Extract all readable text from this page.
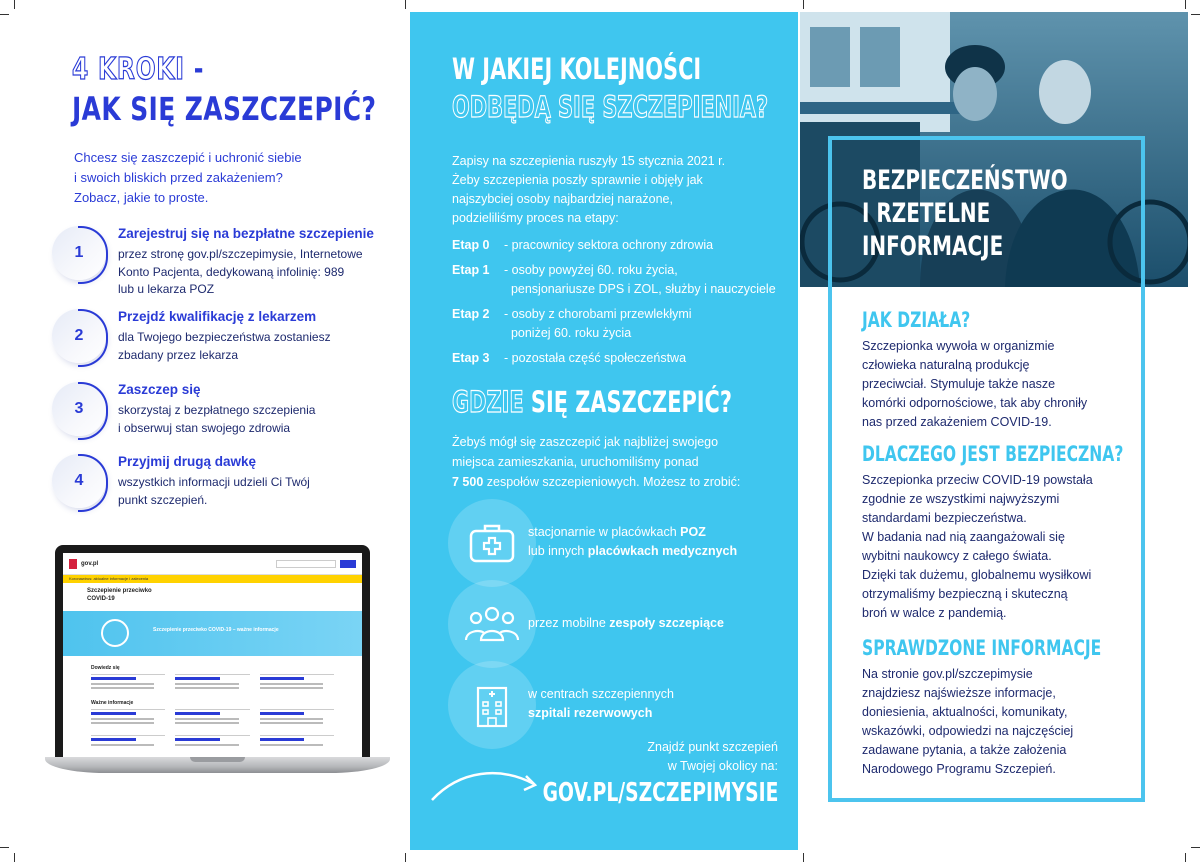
4 KROKI -
JAK SIĘ ZASZCZEPIĆ?
Chcesz się zaszczepić i uchronić siebie
i swoich bliskich przed zakażeniem?
Zobacz, jakie to proste.
1
Zarejestruj się na bezpłatne szczepienie
przez stronę gov.pl/szczepimysie, Internetowe
Konto Pacjenta, dedykowaną infolinię: 989
lub u lekarza POZ
2
Przejdź kwalifikację z lekarzem
dla Twojego bezpieczeństwa zostaniesz
zbadany przez lekarza
3
Zaszczep się
skorzystaj z bezpłatnego szczepienia
i obserwuj stan swojego zdrowia
4
Przyjmij drugą dawkę
wszystkich informacji udzieli Ci Twój
punkt szczepień.
gov.pl
Koronawirus: aktualne informacje i zalecenia
Szczepienie przeciwko
COVID-19
Szczepienie przeciwko COVID-19 – ważne informacje
Dowiedz się
Ważne informacje
W JAKIEJ KOLEJNOŚCI
ODBĘDĄ SIĘ SZCZEPIENIA?
Zapisy na szczepienia ruszyły 15 stycznia 2021 r.
Żeby szczepienia poszły sprawnie i objęły jak
najszybciej osoby najbardziej narażone,
podzieliliśmy proces na etapy:
Etap 0	- pracownicy sektora ochrony zdrowia
Etap 1	- osoby powyżej 60. roku życia,
pensjonariusze DPS i ZOL, służby i nauczyciele
Etap 2	- osoby z chorobami przewlekłymi
poniżej 60. roku życia
Etap 3	- pozostała część społeczeństwa
GDZIE SIĘ ZASZCZEPIĆ?
Żebyś mógł się zaszczepić jak najbliżej swojego
miejsca zamieszkania, uruchomiliśmy ponad
7 500 zespołów szczepieniowych. Możesz to zrobić:
stacjonarnie w placówkach POZ
lub innych placówkach medycznych
przez mobilne zespoły szczepiące
w centrach szczepiennych
szpitali rezerwowych
Znajdź punkt szczepień
w Twojej okolicy na:
GOV.PL/SZCZEPIMYSIE
BEZPIECZEŃSTWO
I RZETELNE
INFORMACJE
JAK DZIAŁA?
Szczepionka wywoła w organizmie
człowieka naturalną produkcję
przeciwciał. Stymuluje także nasze
komórki odpornościowe, tak aby chroniły
nas przed zakażeniem COVID-19.
DLACZEGO JEST BEZPIECZNA?
Szczepionka przeciw COVID-19 powstała
zgodnie ze wszystkimi najwyższymi
standardami bezpieczeństwa.
W badania nad nią zaangażowali się
wybitni naukowcy z całego świata.
Dzięki tak dużemu, globalnemu wysiłkowi
otrzymaliśmy bezpieczną i skuteczną
broń w walce z pandemią.
SPRAWDZONE INFORMACJE
Na stronie gov.pl/szczepimysie
znajdziesz najświeższe informacje,
doniesienia, aktualności, komunikaty,
wskazówki, odpowiedzi na najczęściej
zadawane pytania, a także założenia
Narodowego Programu Szczepień.
